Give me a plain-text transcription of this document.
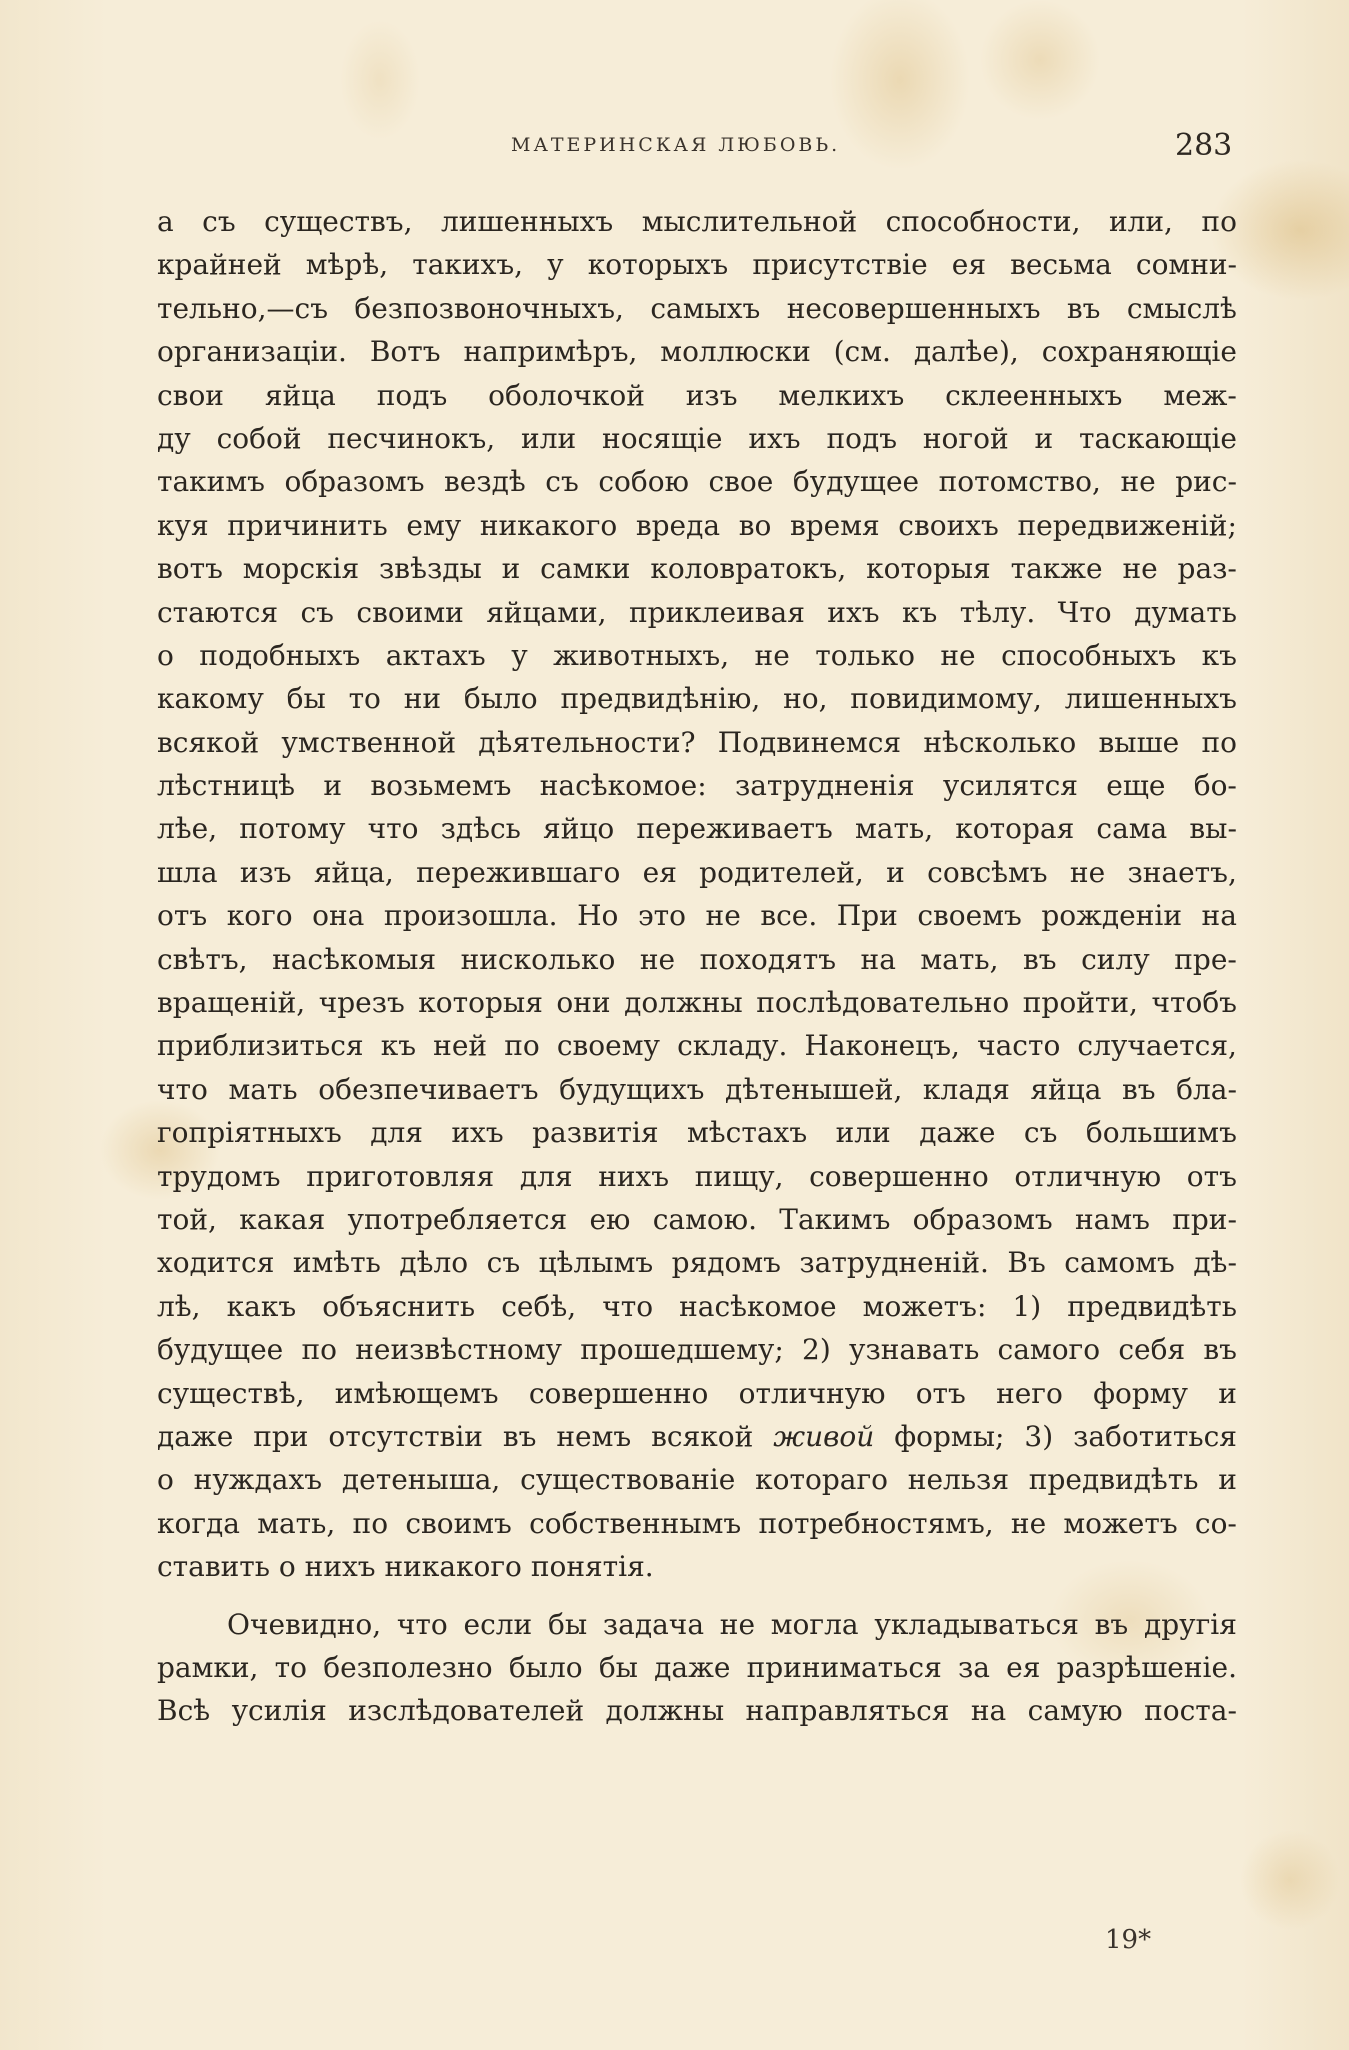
МАТЕРИНСКАЯ ЛЮБОВЬ.	283
а съ существъ, лишенныхъ мыслительной способности, или, по
крайней мѣрѣ, такихъ, у которыхъ присутствіе ея весьма сомни-
тельно,—съ безпозвоночныхъ, самыхъ несовершенныхъ въ смыслѣ
организаціи. Вотъ напримѣръ, моллюски (см. далѣе), сохраняющіе
свои яйца подъ оболочкой изъ мелкихъ склеенныхъ меж-
ду собой песчинокъ, или носящіе ихъ подъ ногой и таскающіе
такимъ образомъ вездѣ съ собою свое будущее потомство, не рис-
куя причинить ему никакого вреда во время своихъ передвиженій;
вотъ морскія звѣзды и самки коловратокъ, которыя также не раз-
стаются съ своими яйцами, приклеивая ихъ къ тѣлу. Что думать
о подобныхъ актахъ у животныхъ, не только не способныхъ къ
какому бы то ни было предвидѣнію, но, повидимому, лишенныхъ
всякой умственной дѣятельности? Подвинемся нѣсколько выше по
лѣстницѣ и возьмемъ насѣкомое: затрудненія усилятся еще бо-
лѣе, потому что здѣсь яйцо переживаетъ мать, которая сама вы-
шла изъ яйца, пережившаго ея родителей, и совсѣмъ не знаетъ,
отъ кого она произошла. Но это не все. При своемъ рожденіи на
свѣтъ, насѣкомыя нисколько не походятъ на мать, въ силу пре-
вращеній, чрезъ которыя они должны послѣдовательно пройти, чтобъ
приблизиться къ ней по своему складу. Наконецъ, часто случается,
что мать обезпечиваетъ будущихъ дѣтенышей, кладя яйца въ бла-
гопріятныхъ для ихъ развитія мѣстахъ или даже съ большимъ
трудомъ приготовляя для нихъ пищу, совершенно отличную отъ
той, какая употребляется ею самою. Такимъ образомъ намъ при-
ходится имѣть дѣло съ цѣлымъ рядомъ затрудненій. Въ самомъ дѣ-
лѣ, какъ объяснить себѣ, что насѣкомое можетъ: 1) предвидѣть
будущее по неизвѣстному прошедшему; 2) узнавать самого себя въ
существѣ, имѣющемъ совершенно отличную отъ него форму и
даже при отсутствіи въ немъ всякой живой формы; 3) заботиться
о нуждахъ детеныша, существованіе котораго нельзя предвидѣть и
когда мать, по своимъ собственнымъ потребностямъ, не можетъ со-
ставить о нихъ никакого понятія.
Очевидно, что если бы задача не могла укладываться въ другія
рамки, то безполезно было бы даже приниматься за ея разрѣшеніе.
Всѣ усилія изслѣдователей должны направляться на самую поста-
19*
